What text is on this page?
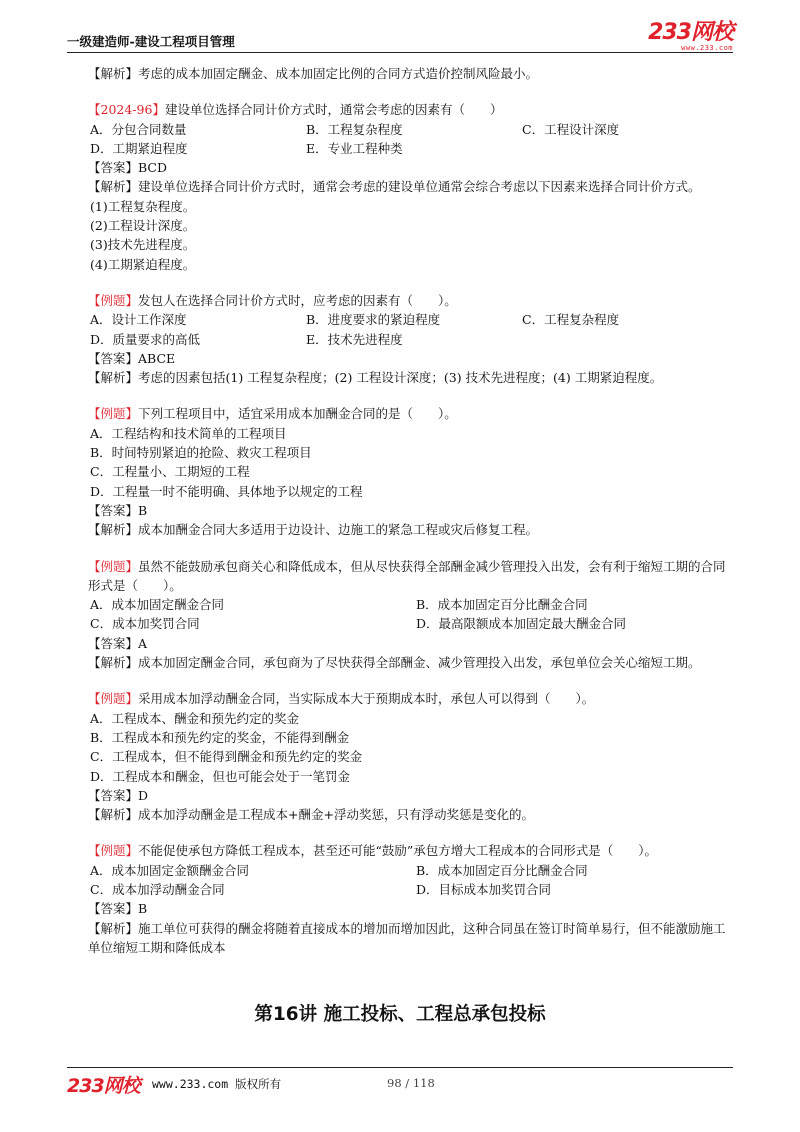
一级建造师-建设工程项目管理	233网校
www.233.com
【解析】考虑的成本加固定酬金、成本加固定比例的合同方式造价控制风险最小。
【2024-96】建设单位选择合同计价方式时，通常会考虑的因素有（　　）
A．分包合同数量	B．工程复杂程度	C．工程设计深度
D．工期紧迫程度	E．专业工程种类
【答案】BCD
【解析】建设单位选择合同计价方式时，通常会考虑的建设单位通常会综合考虑以下因素来选择合同计价方式。
(1)工程复杂程度。
(2)工程设计深度。
(3)技术先进程度。
(4)工期紧迫程度。
【例题】发包人在选择合同计价方式时，应考虑的因素有（　　）。
A．设计工作深度	B．进度要求的紧迫程度	C．工程复杂程度
D．质量要求的高低	E．技术先进程度
【答案】ABCE
【解析】考虑的因素包括(1) 工程复杂程度；(2) 工程设计深度；(3) 技术先进程度；(4) 工期紧迫程度。
【例题】下列工程项目中，适宜采用成本加酬金合同的是（　　）。
A．工程结构和技术简单的工程项目
B．时间特别紧迫的抢险、救灾工程项目
C．工程量小、工期短的工程
D．工程量一时不能明确、具体地予以规定的工程
【答案】B
【解析】成本加酬金合同大多适用于边设计、边施工的紧急工程或灾后修复工程。
【例题】虽然不能鼓励承包商关心和降低成本，但从尽快获得全部酬金减少管理投入出发，会有利于缩短工期的合同形式是（　　）。
A．成本加固定酬金合同	B．成本加固定百分比酬金合同
C．成本加奖罚合同	D．最高限额成本加固定最大酬金合同
【答案】A
【解析】成本加固定酬金合同，承包商为了尽快获得全部酬金、减少管理投入出发，承包单位会关心缩短工期。
【例题】采用成本加浮动酬金合同，当实际成本大于预期成本时，承包人可以得到（　　）。
A．工程成本、酬金和预先约定的奖金
B．工程成本和预先约定的奖金，不能得到酬金
C．工程成本，但不能得到酬金和预先约定的奖金
D．工程成本和酬金，但也可能会处于一笔罚金
【答案】D
【解析】成本加浮动酬金是工程成本+酬金+浮动奖惩，只有浮动奖惩是变化的。
【例题】不能促使承包方降低工程成本，甚至还可能“鼓励”承包方增大工程成本的合同形式是（　　）。
A．成本加固定金额酬金合同	B．成本加固定百分比酬金合同
C．成本加浮动酬金合同	D．目标成本加奖罚合同
【答案】B
【解析】施工单位可获得的酬金将随着直接成本的增加而增加因此，这种合同虽在签订时简单易行，但不能激励施工单位缩短工期和降低成本
第16讲 施工投标、工程总承包投标
233网校 www.233.com 版权所有	98 / 118
